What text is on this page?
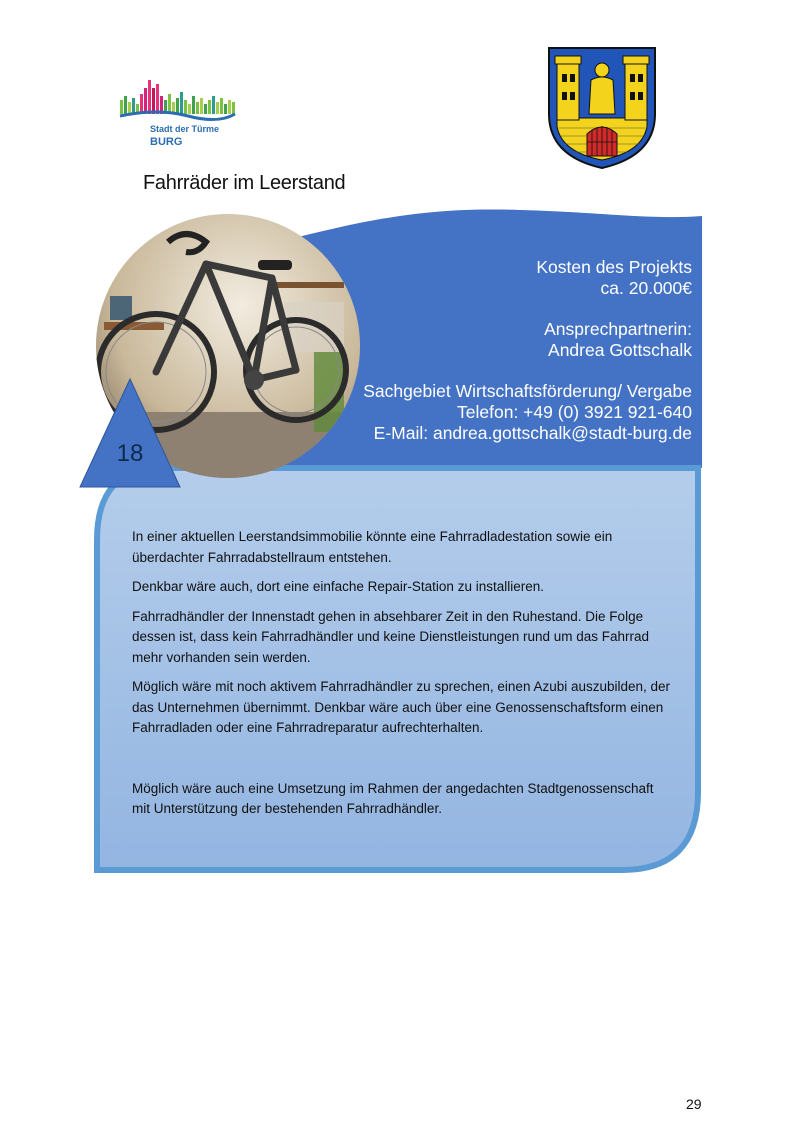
Stadt der Türme
BURG
Fahrräder im Leerstand
Kosten des Projekts
ca. 20.000€
Ansprechpartnerin:
Andrea Gottschalk
Sachgebiet Wirtschaftsförderung/ Vergabe
Telefon: +49 (0) 3921 921-640
E-Mail: andrea.gottschalk@stadt-burg.de
18

In einer aktuellen Leerstandsimmobilie könnte eine Fahrradladestation sowie ein überdachter Fahrradabstellraum entstehen.

Denkbar wäre auch, dort eine einfache Repair-Station zu installieren.

Fahrradhändler der Innenstadt gehen in absehbarer Zeit in den Ruhestand. Die Folge dessen ist, dass kein Fahrradhändler und keine Dienstleistungen rund um das Fahrrad mehr vorhanden sein werden.

Möglich wäre mit noch aktivem Fahrradhändler zu sprechen, einen Azubi auszubilden, der das Unternehmen übernimmt. Denkbar wäre auch über eine Genossenschaftsform einen Fahrradladen oder eine Fahrradreparatur aufrechterhalten.

Möglich wäre auch eine Umsetzung im Rahmen der angedachten Stadtgenossenschaft mit Unterstützung der bestehenden Fahrradhändler.

29
